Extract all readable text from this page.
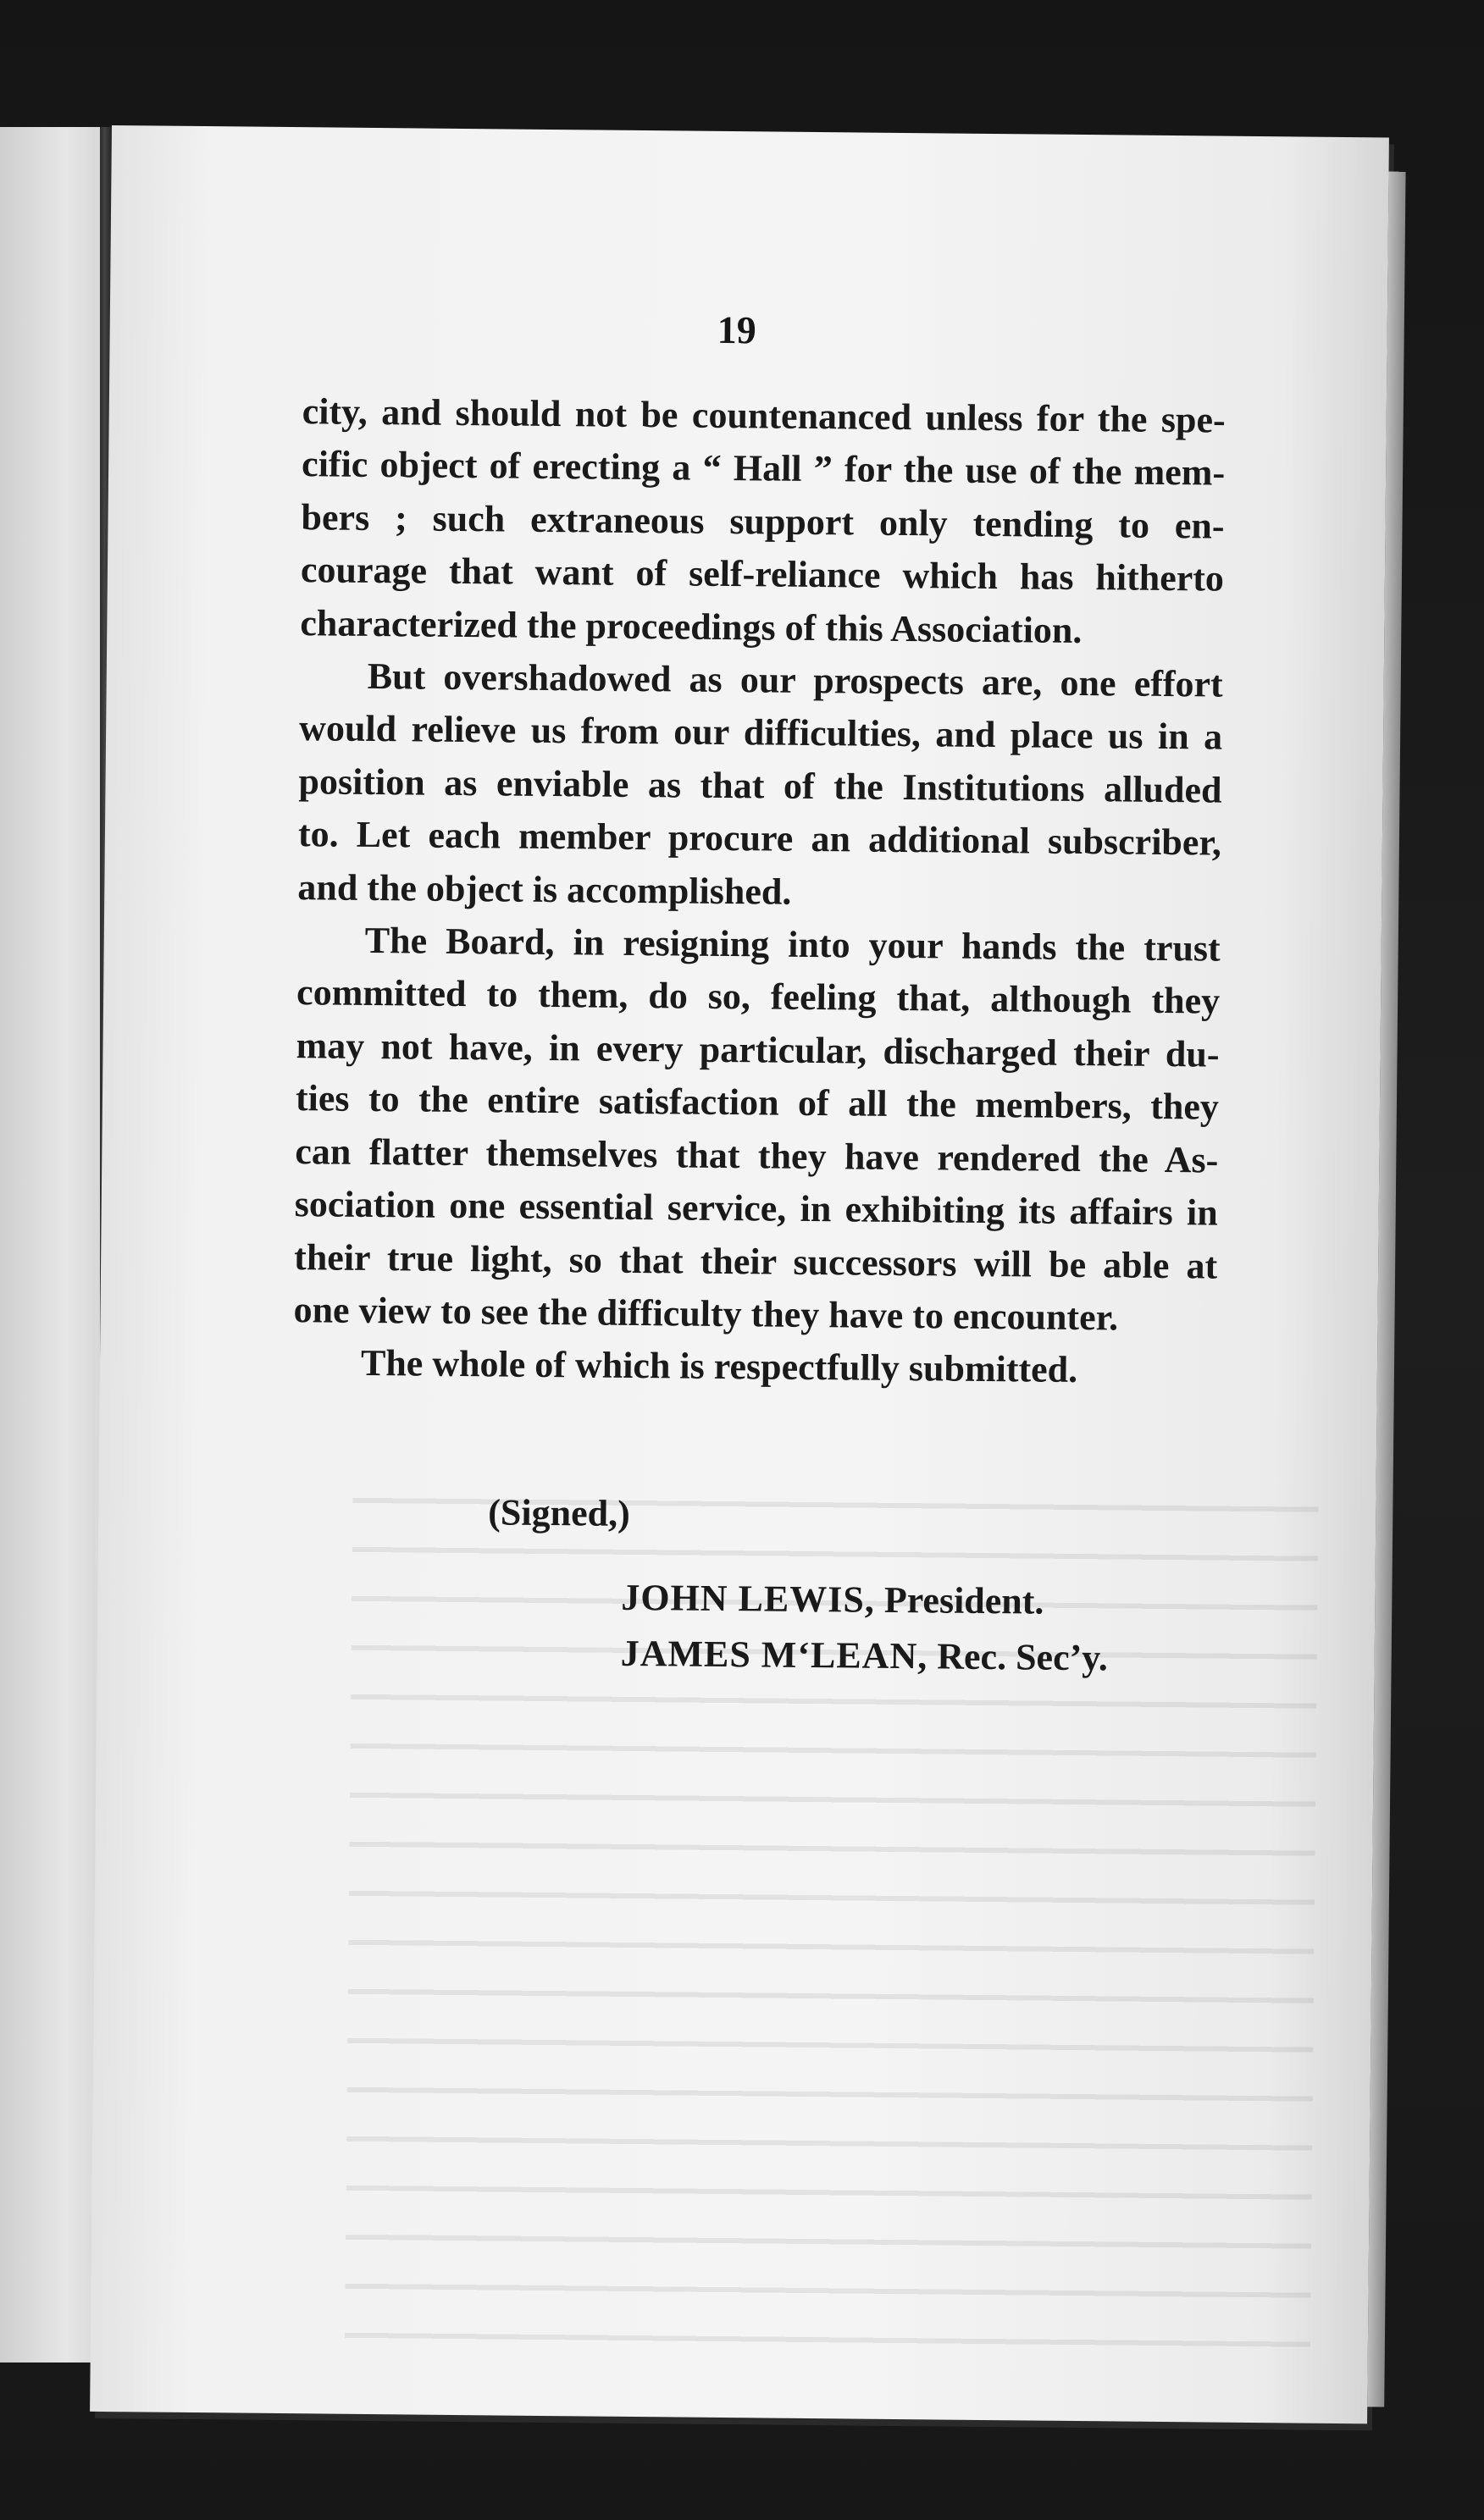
19
city, and should not be countenanced unless for the spe-
cific object of erecting a “ Hall ” for the use of the mem-
bers ; such extraneous support only tending to en-
courage that want of self-reliance which has hitherto
characterized the proceedings of this Association.
But overshadowed as our prospects are, one effort
would relieve us from our difficulties, and place us in a
position as enviable as that of the Institutions alluded
to. Let each member procure an additional subscriber,
and the object is accomplished.
The Board, in resigning into your hands the trust
committed to them, do so, feeling that, although they
may not have, in every particular, discharged their du-
ties to the entire satisfaction of all the members, they
can flatter themselves that they have rendered the As-
sociation one essential service, in exhibiting its affairs in
their true light, so that their successors will be able at
one view to see the difficulty they have to encounter.
The whole of which is respectfully submitted.
(Signed,)
JOHN LEWIS, President.
JAMES M‘LEAN, Rec. Sec’y.
